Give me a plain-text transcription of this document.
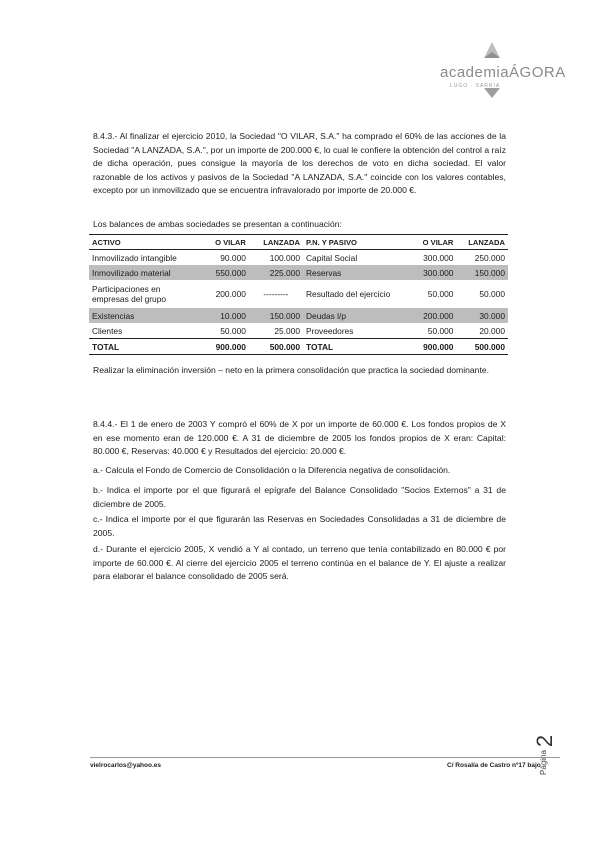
academiaÁGORA
LUGO · SARRIA
8.4.3.- Al finalizar el ejercicio 2010, la Sociedad "O VILAR, S.A." ha comprado el 60% de las acciones de la Sociedad "A LANZADA, S.A.", por un importe de 200.000 €, lo cual le confiere la obtención del control a raíz de dicha operación, pues consigue la mayoría de los derechos de voto en dicha sociedad. El valor razonable de los activos y pasivos de la Sociedad "A LANZADA, S.A." coincide con los valores contables, excepto por un inmovilizado que se encuentra infravalorado por importe de 20.000 €.
Los balances de ambas sociedades se presentan a continuación:
ACTIVO	O VILAR	LANZADA	P.N. Y PASIVO	O VILAR	LANZADA
Inmovilizado intangible	90.000	100.000	Capital Social	300.000	250.000
Inmovilizado material	550.000	225.000	Reservas	300.000	150.000
Participaciones en empresas del grupo	200.000	---------	Resultado del ejercicio	50.000	50.000
Existencias	10.000	150.000	Deudas l/p	200.000	30.000
Clientes	50.000	25.000	Proveedores	50.000	20.000
TOTAL	900.000	500.000	TOTAL	900.000	500.000
Realizar la eliminación inversión – neto en la primera consolidación que practica la sociedad dominante.
8.4.4.- El 1 de enero de 2003 Y compró el 60% de X por un importe de 60.000 €. Los fondos propios de X en ese momento eran de 120.000 €. A 31 de diciembre de 2005 los fondos propios de X eran: Capital: 80.000 €, Reservas: 40.000 € y Resultados del ejercicio: 20.000 €.
a.- Calcula el Fondo de Comercio de Consolidación o la Diferencia negativa de consolidación.
b.- Indica el importe por el que figurará el epígrafe del Balance Consolidado "Socios Externos" a 31 de diciembre de 2005.
c.- Indica el importe por el que figurarán las Reservas en Sociedades Consolidadas a 31 de diciembre de 2005.
d.- Durante el ejercicio 2005, X vendió a Y al contado, un terreno que tenía contabilizado en 80.000 € por importe de 60.000 €. Al cierre del ejercicio 2005 el terreno continúa en el balance de Y. El ajuste a realizar para elaborar el balance consolidado de 2005 será.
2
Página
vielrocarlos@yahoo.es	C/ Rosalía de Castro nº17 bajo
